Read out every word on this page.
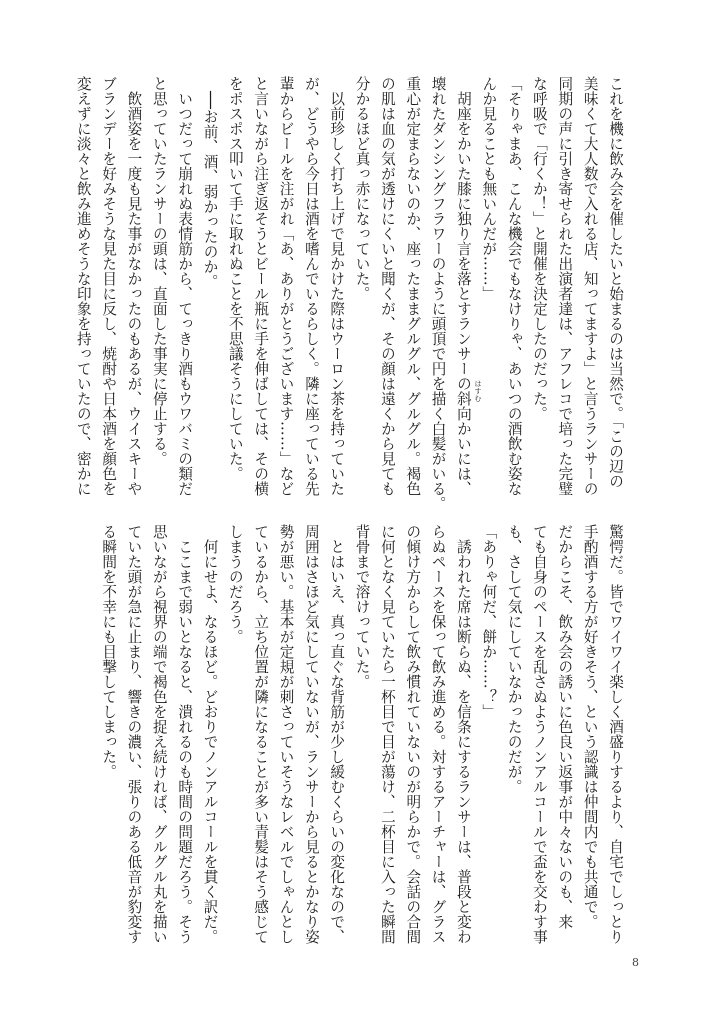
これを機に飲み会を催したいと始まるのは当然で。「この辺の
美味くて大人数で入れる店、知ってますよ」と言うランサーの
同期の声に引き寄せられた出演者達は、アフレコで培った完璧
な呼吸で「行くか！」と開催を決定したのだった。
「そりゃまあ、こんな機会でもなけりゃ、あいつの酒飲む姿な
んか見ることも無いんだが……」
　胡座をかいた膝に独り言を落とすランサーの斜向かいには、
壊れたダンシングフラワーのように頭頂で円を描く白髪がいる。
重心が定まらないのか、座ったままグルグル、グルグル。褐色
の肌は血の気が透けにくいと聞くが、その顔は遠くから見ても
分かるほど真っ赤になっていた。
　以前珍しく打ち上げで見かけた際はウーロン茶を持っていた
が、どうやら今日は酒を嗜んでいるらしく。隣に座っている先
輩からビールを注がれ「あ、ありがとうございます……」など
と言いながら注ぎ返そうとビール瓶に手を伸ばしては、その横
をポスポス叩いて手に取れぬことを不思議そうにしていた。
　──お前、酒、弱かったのか。
　いつだって崩れぬ表情筋から、てっきり酒もウワバミの類だ
と思っていたランサーの頭は、直面した事実に停止する。
　飲酒姿を一度も見た事がなかったのもあるが、ウイスキーや
ブランデーを好みそうな見た目に反し、焼酎や日本酒を顔色を
変えずに淡々と飲み進めそうな印象を持っていたので、密かに	はすむ
驚愕だ。皆でワイワイ楽しく酒盛りするより、自宅でしっとり
手酌酒する方が好きそう、という認識は仲間内でも共通で。
だからこそ、飲み会の誘いに色良い返事が中々ないのも、来
ても自身のペースを乱さぬようノンアルコールで盃を交わす事
も、さして気にしていなかったのだが。
「ありゃ何だ、餅か……？」
　誘われた席は断らぬ、を信条にするランサーは、普段と変わ
らぬペースを保って飲み進める。対するアーチャーは、グラス
の傾け方からして飲み慣れていないのが明らかで。会話の合間
に何となく見ていたら一杯目で目が蕩け、二杯目に入った瞬間
背骨まで溶けっていた。
　とはいえ、真っ直ぐな背筋が少し緩むくらいの変化なので、
周囲はさほど気にしていないが、ランサーから見るとかなり姿
勢が悪い。基本が定規が刺さっていそうなレベルでしゃんとし
ているから、立ち位置が隣になることが多い青髪はそう感じて
しまうのだろう。
　何にせよ、なるほど。どおりでノンアルコールを貫く訳だ。
　ここまで弱いとなると、潰れるのも時間の問題だろう。そう
思いながら視界の端で褐色を捉え続ければ、グルグル丸を描い
ていた頭が急に止まり、響きの濃い、張りのある低音が豹変す
る瞬間を不幸にも目撃してしまった。
8
